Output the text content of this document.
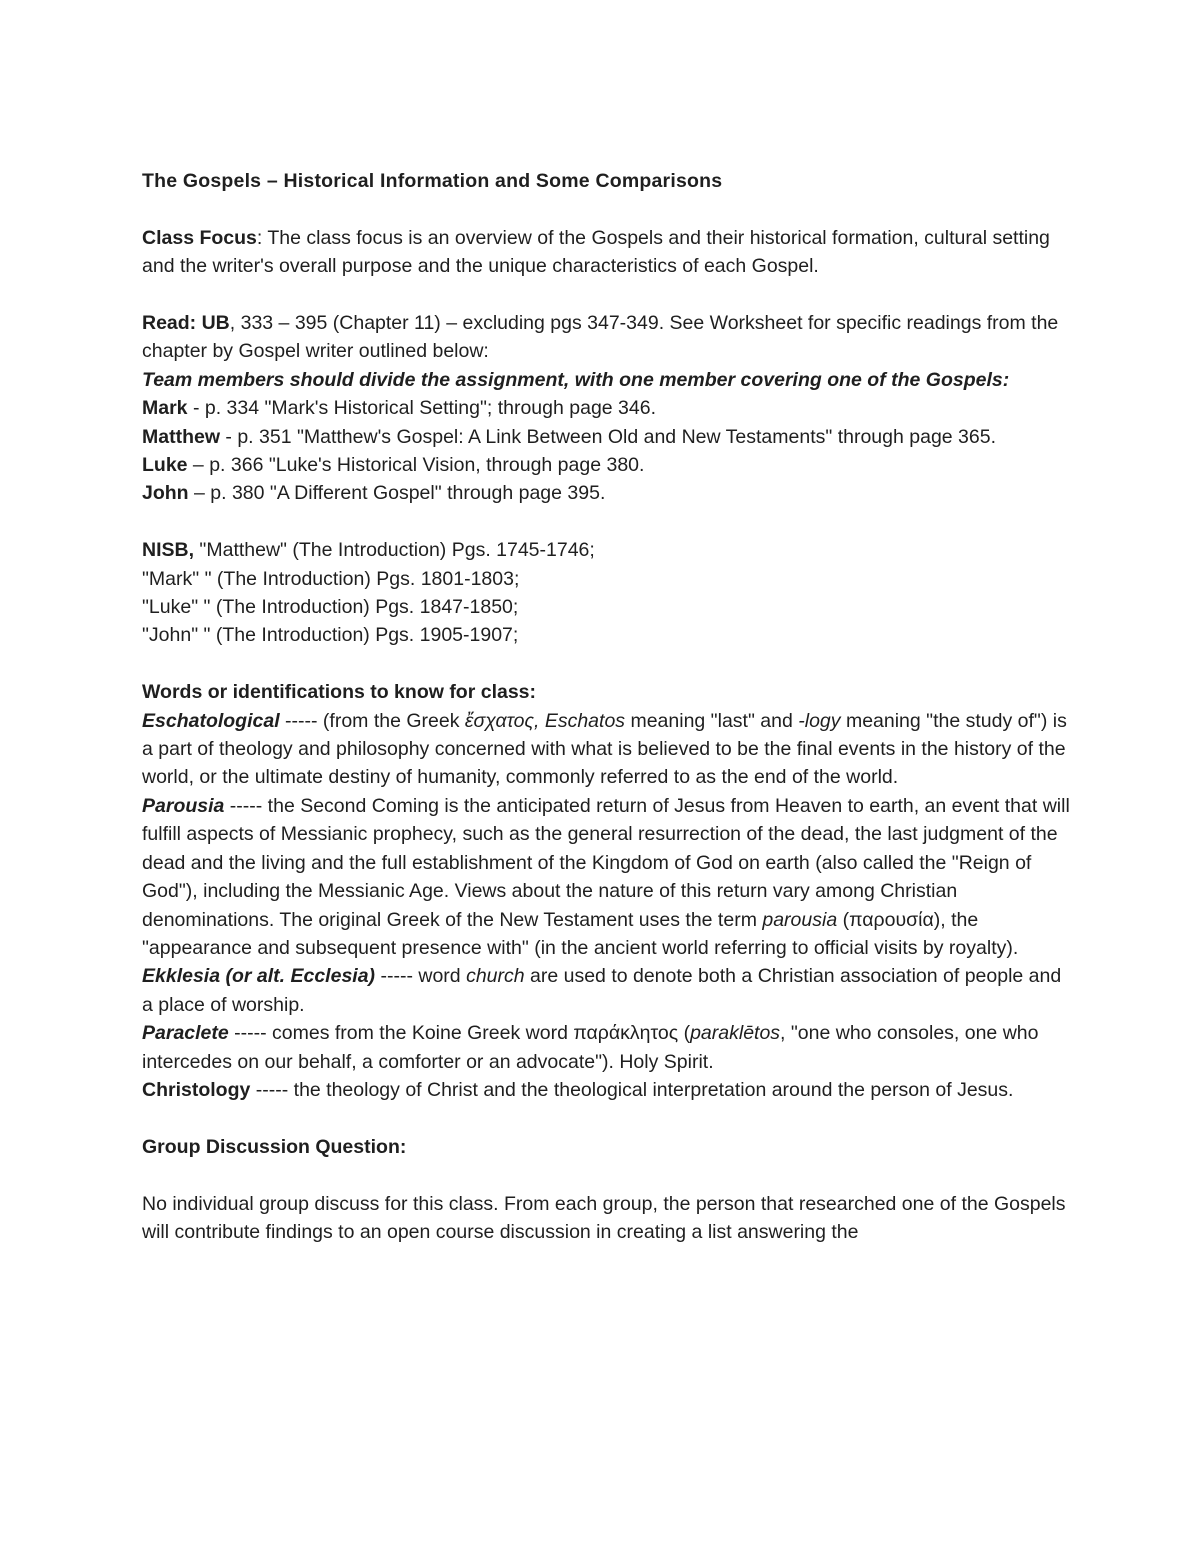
The Gospels – Historical Information and Some Comparisons

Class Focus: The class focus is an overview of the Gospels and their historical formation, cultural setting and the writer's overall purpose and the unique characteristics of each Gospel.

Read: UB, 333 – 395 (Chapter 11) – excluding pgs 347-349. See Worksheet for specific readings from the chapter by Gospel writer outlined below:

Team members should divide the assignment, with one member covering one of the Gospels:

Mark - p. 334 "Mark's Historical Setting"; through page 346.

Matthew - p. 351 "Matthew's Gospel: A Link Between Old and New Testaments" through page 365.

Luke – p. 366 "Luke's Historical Vision, through page 380.

John – p. 380 "A Different Gospel" through page 395.

NISB, "Matthew" (The Introduction) Pgs. 1745-1746;

"Mark" " (The Introduction) Pgs. 1801-1803;

"Luke" " (The Introduction) Pgs. 1847-1850;

"John" " (The Introduction) Pgs. 1905-1907;

Words or identifications to know for class:

Eschatological ----- (from the Greek ἔσχατος, Eschatos meaning "last" and -logy meaning "the study of") is a part of theology and philosophy concerned with what is believed to be the final events in the history of the world, or the ultimate destiny of humanity, commonly referred to as the end of the world.

Parousia ----- the Second Coming is the anticipated return of Jesus from Heaven to earth, an event that will fulfill aspects of Messianic prophecy, such as the general resurrection of the dead, the last judgment of the dead and the living and the full establishment of the Kingdom of God on earth (also called the "Reign of God"), including the Messianic Age. Views about the nature of this return vary among Christian denominations. The original Greek of the New Testament uses the term parousia (παρουσία), the "appearance and subsequent presence with" (in the ancient world referring to official visits by royalty).

Ekklesia (or alt. Ecclesia) ----- word church are used to denote both a Christian association of people and a place of worship.

Paraclete ----- comes from the Koine Greek word παράκλητος (paraklētos, "one who consoles, one who intercedes on our behalf, a comforter or an advocate"). Holy Spirit.

Christology ----- the theology of Christ and the theological interpretation around the person of Jesus.

Group Discussion Question:

No individual group discuss for this class. From each group, the person that researched one of the Gospels will contribute findings to an open course discussion in creating a list answering the
